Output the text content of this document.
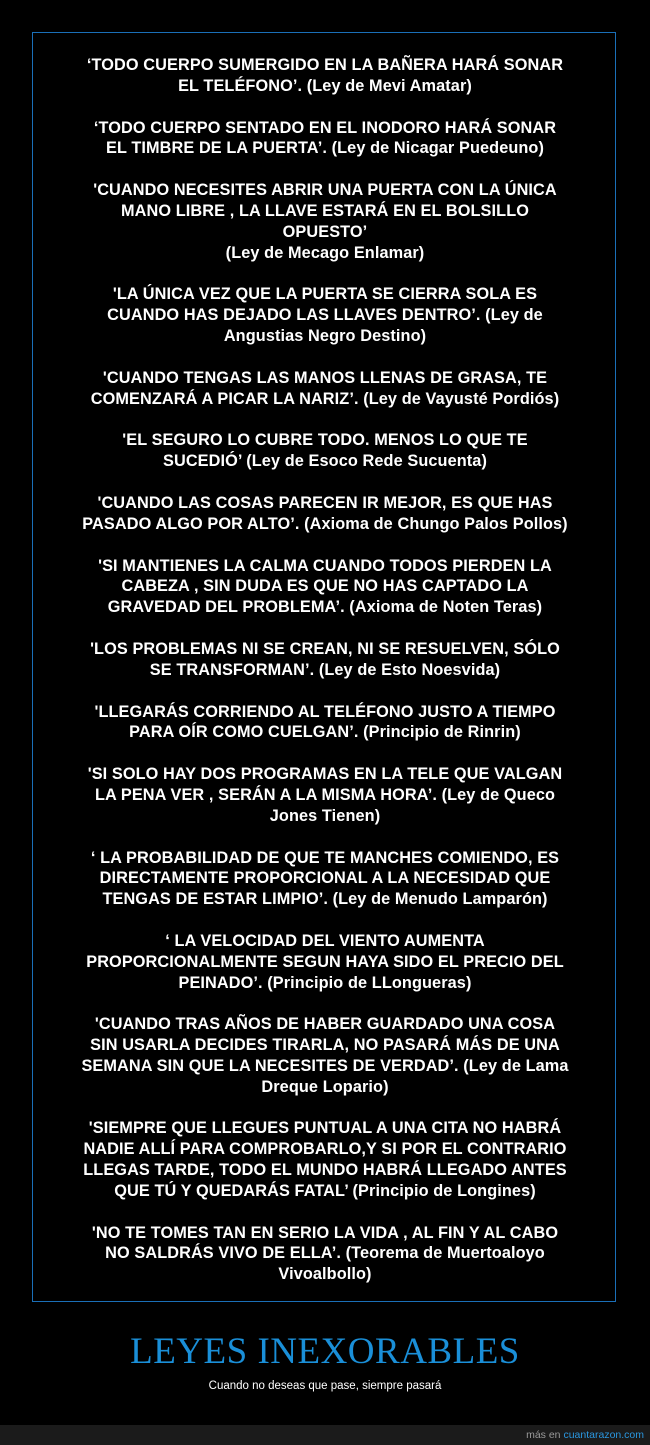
‘TODO CUERPO SUMERGIDO EN LA BAÑERA HARÁ SONAR
EL TELÉFONO’. (Ley de Mevi Amatar)
‘TODO CUERPO SENTADO EN EL INODORO HARÁ SONAR
EL TIMBRE DE LA PUERTA’. (Ley de Nicagar Puedeuno)
'CUANDO NECESITES ABRIR UNA PUERTA CON LA ÚNICA
MANO LIBRE , LA LLAVE ESTARÁ EN EL BOLSILLO
OPUESTO’
(Ley de Mecago Enlamar)
'LA ÚNICA VEZ QUE LA PUERTA SE CIERRA SOLA ES
CUANDO HAS DEJADO LAS LLAVES DENTRO’. (Ley de
Angustias Negro Destino)
'CUANDO TENGAS LAS MANOS LLENAS DE GRASA, TE
COMENZARÁ A PICAR LA NARIZ’. (Ley de Vayusté Pordiós)
'EL SEGURO LO CUBRE TODO. MENOS LO QUE TE
SUCEDIÓ’ (Ley de Esoco Rede Sucuenta)
'CUANDO LAS COSAS PARECEN IR MEJOR, ES QUE HAS
PASADO ALGO POR ALTO’. (Axioma de Chungo Palos Pollos)
'SI MANTIENES LA CALMA CUANDO TODOS PIERDEN LA
CABEZA , SIN DUDA ES QUE NO HAS CAPTADO LA
GRAVEDAD DEL PROBLEMA’. (Axioma de Noten Teras)
'LOS PROBLEMAS NI SE CREAN, NI SE RESUELVEN, SÓLO
SE TRANSFORMAN’. (Ley de Esto Noesvida)
'LLEGARÁS CORRIENDO AL TELÉFONO JUSTO A TIEMPO
PARA OÍR COMO CUELGAN’. (Principio de Rinrin)
'SI SOLO HAY DOS PROGRAMAS EN LA TELE QUE VALGAN
LA PENA VER , SERÁN A LA MISMA HORA’. (Ley de Queco
Jones Tienen)
‘ LA PROBABILIDAD DE QUE TE MANCHES COMIENDO, ES
DIRECTAMENTE PROPORCIONAL A LA NECESIDAD QUE
TENGAS DE ESTAR LIMPIO’. (Ley de Menudo Lamparón)
‘ LA VELOCIDAD DEL VIENTO AUMENTA
PROPORCIONALMENTE SEGUN HAYA SIDO EL PRECIO DEL
PEINADO’. (Principio de LLongueras)
'CUANDO TRAS AÑOS DE HABER GUARDADO UNA COSA
SIN USARLA DECIDES TIRARLA, NO PASARÁ MÁS DE UNA
SEMANA SIN QUE LA NECESITES DE VERDAD’. (Ley de Lama
Dreque Lopario)
'SIEMPRE QUE LLEGUES PUNTUAL A UNA CITA NO HABRÁ
NADIE ALLÍ PARA COMPROBARLO,Y SI POR EL CONTRARIO
LLEGAS TARDE, TODO EL MUNDO HABRÁ LLEGADO ANTES
QUE TÚ Y QUEDARÁS FATAL’ (Principio de Longines)
'NO TE TOMES TAN EN SERIO LA VIDA , AL FIN Y AL CABO
NO SALDRÁS VIVO DE ELLA’. (Teorema de Muertoaloyo
Vivoalbollo)
LEYES INEXORABLES
Cuando no deseas que pase, siempre pasará
más en cuantarazon.com
